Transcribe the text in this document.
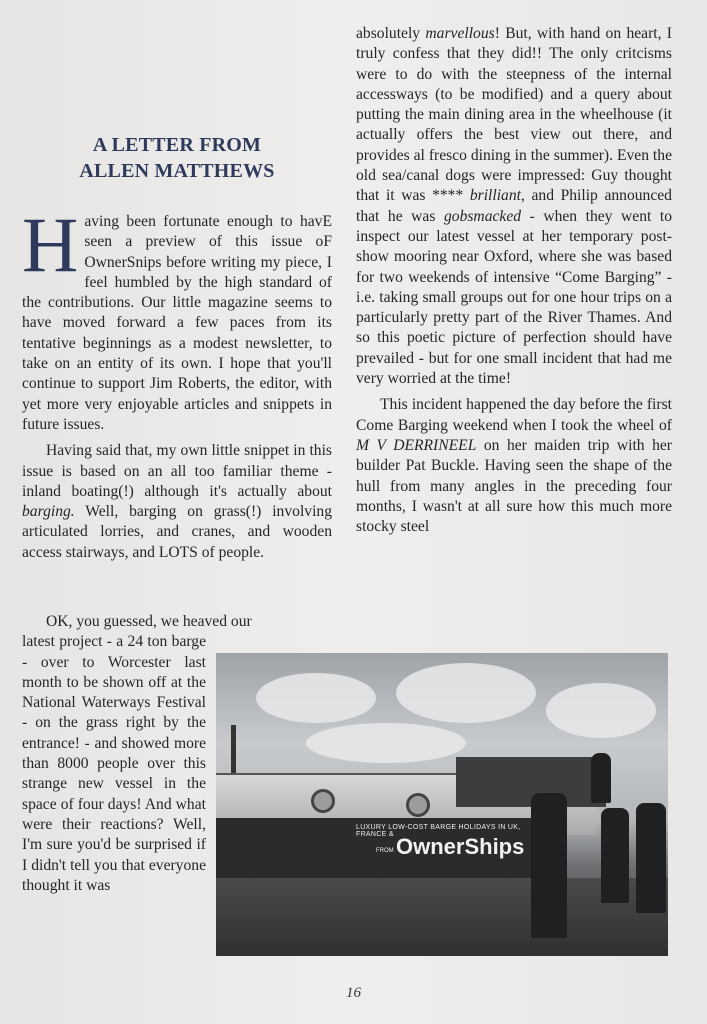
A LETTER FROM
ALLEN MATTHEWS

Having been fortunate enough to havE seen a preview of this issue oF OwnerSnips before writing my piece, I feel humbled by the high standard of the contributions. Our little magazine seems to have moved forward a few paces from its tentative beginnings as a modest newsletter, to take on an entity of its own. I hope that you'll continue to support Jim Roberts, the editor, with yet more very enjoyable articles and snippets in future issues.

Having said that, my own little snippet in this issue is based on an all too familiar theme - inland boating(!) although it's actually about barging. Well, barging on grass(!) involving articulated lorries, and cranes, and wooden access stairways, and LOTS of people.

OK, you guessed, we heaved our

latest project - a 24 ton barge - over to Worcester last month to be shown off at the National Waterways Festival - on the grass right by the entrance! - and showed more than 8000 people over this strange new vessel in the space of four days! And what were their reactions? Well, I'm sure you'd be surprised if I didn't tell you that everyone thought it was

absolutely marvellous! But, with hand on heart, I truly confess that they did!! The only critcisms were to do with the steepness of the internal accessways (to be modified) and a query about putting the main dining area in the wheelhouse (it actually offers the best view out there, and provides al fresco dining in the summer). Even the old sea/canal dogs were impressed: Guy thought that it was **** brilliant, and Philip announced that he was gobsmacked - when they went to inspect our latest vessel at her temporary post-show mooring near Oxford, where she was based for two weekends of intensive “Come Barging” - i.e. taking small groups out for one hour trips on a particularly pretty part of the River Thames. And so this poetic picture of perfection should have prevailed - but for one small incident that had me very worried at the time!

This incident happened the day before the first Come Barging weekend when I took the wheel of M V DERRINEEL on her maiden trip with her builder Pat Buckle. Having seen the shape of the hull from many angles in the preceding four months, I wasn't at all sure how this much more stocky steel

LUXURY LOW-COST BARGE HOLIDAYS IN UK, FRANCE &
FROM OwnerShips
16
